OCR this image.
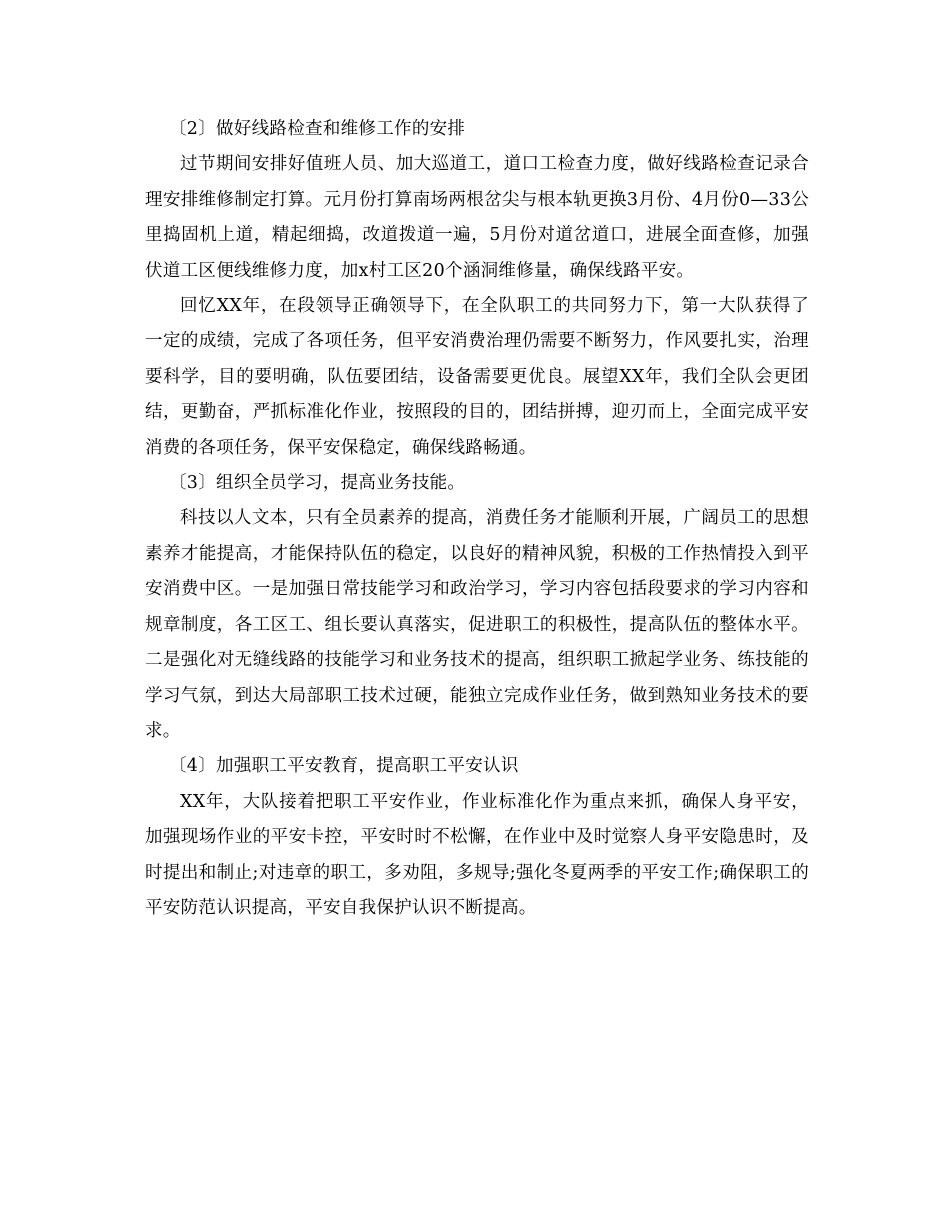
〔2〕做好线路检查和维修工作的安排

过节期间安排好值班人员、加大巡道工，道口工检查力度，做好线路检查记录合理安排维修制定打算。元月份打算南场两根岔尖与根本轨更换3月份、4月份0—33公里捣固机上道，精起细捣，改道拨道一遍，5月份对道岔道口，进展全面查修，加强伏道工区便线维修力度，加x村工区20个涵洞维修量，确保线路平安。

回忆XX年，在段领导正确领导下，在全队职工的共同努力下，第一大队获得了一定的成绩，完成了各项任务，但平安消费治理仍需要不断努力，作风要扎实，治理要科学，目的要明确，队伍要团结，设备需要更优良。展望XX年，我们全队会更团结，更勤奋，严抓标准化作业，按照段的目的，团结拼搏，迎刃而上，全面完成平安消费的各项任务，保平安保稳定，确保线路畅通。

〔3〕组织全员学习，提高业务技能。

科技以人文本，只有全员素养的提高，消费任务才能顺利开展，广阔员工的思想素养才能提高，才能保持队伍的稳定，以良好的精神风貌，积极的工作热情投入到平安消费中区。一是加强日常技能学习和政治学习，学习内容包括段要求的学习内容和规章制度，各工区工、组长要认真落实，促进职工的积极性，提高队伍的整体水平。二是强化对无缝线路的技能学习和业务技术的提高，组织职工掀起学业务、练技能的学习气氛，到达大局部职工技术过硬，能独立完成作业任务，做到熟知业务技术的要求。

〔4〕加强职工平安教育，提高职工平安认识

XX年，大队接着把职工平安作业，作业标准化作为重点来抓，确保人身平安，加强现场作业的平安卡控，平安时时不松懈，在作业中及时觉察人身平安隐患时，及时提出和制止;对违章的职工，多劝阻，多规导;强化冬夏两季的平安工作;确保职工的平安防范认识提高，平安自我保护认识不断提高。
